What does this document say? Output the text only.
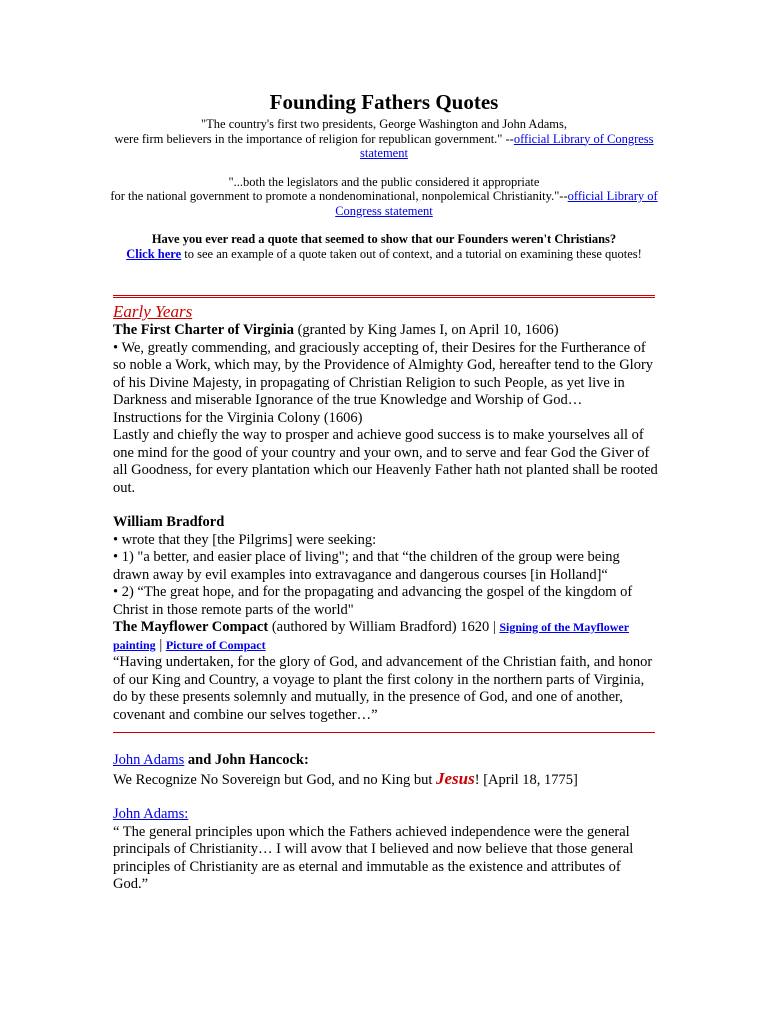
Founding Fathers Quotes
"The country's first two presidents, George Washington and John Adams,
were firm believers in the importance of religion for republican government." --official Library of Congress statement
"...both the legislators and the public considered it appropriate
for the national government to promote a nondenominational, nonpolemical Christianity."--official Library of Congress statement
Have you ever read a quote that seemed to show that our Founders weren't Christians?
Click here to see an example of a quote taken out of context, and a tutorial on examining these quotes!
Early Years
The First Charter of Virginia (granted by King James I, on April 10, 1606)
• We, greatly commending, and graciously accepting of, their Desires for the Furtherance of so noble a Work, which may, by the Providence of Almighty God, hereafter tend to the Glory of his Divine Majesty, in propagating of Christian Religion to such People, as yet live in Darkness and miserable Ignorance of the true Knowledge and Worship of God…
Instructions for the Virginia Colony (1606)
Lastly and chiefly the way to prosper and achieve good success is to make yourselves all of one mind for the good of your country and your own, and to serve and fear God the Giver of all Goodness, for every plantation which our Heavenly Father hath not planted shall be rooted out.
William Bradford
• wrote that they [the Pilgrims] were seeking:
• 1) "a better, and easier place of living"; and that “the children of the group were being drawn away by evil examples into extravagance and dangerous courses [in Holland]“
• 2) “The great hope, and for the propagating and advancing the gospel of the kingdom of Christ in those remote parts of the world"
The Mayflower Compact (authored by William Bradford) 1620 | Signing of the Mayflower painting | Picture of Compact
“Having undertaken, for the glory of God, and advancement of the Christian faith, and honor of our King and Country, a voyage to plant the first colony in the northern parts of Virginia, do by these presents solemnly and mutually, in the presence of God, and one of another, covenant and combine our selves together…”
John Adams and John Hancock:
We Recognize No Sovereign but God, and no King but Jesus! [April 18, 1775]
John Adams:
“ The general principles upon which the Fathers achieved independence were the general principals of Christianity… I will avow that I believed and now believe that those general principles of Christianity are as eternal and immutable as the existence and attributes of God.”
